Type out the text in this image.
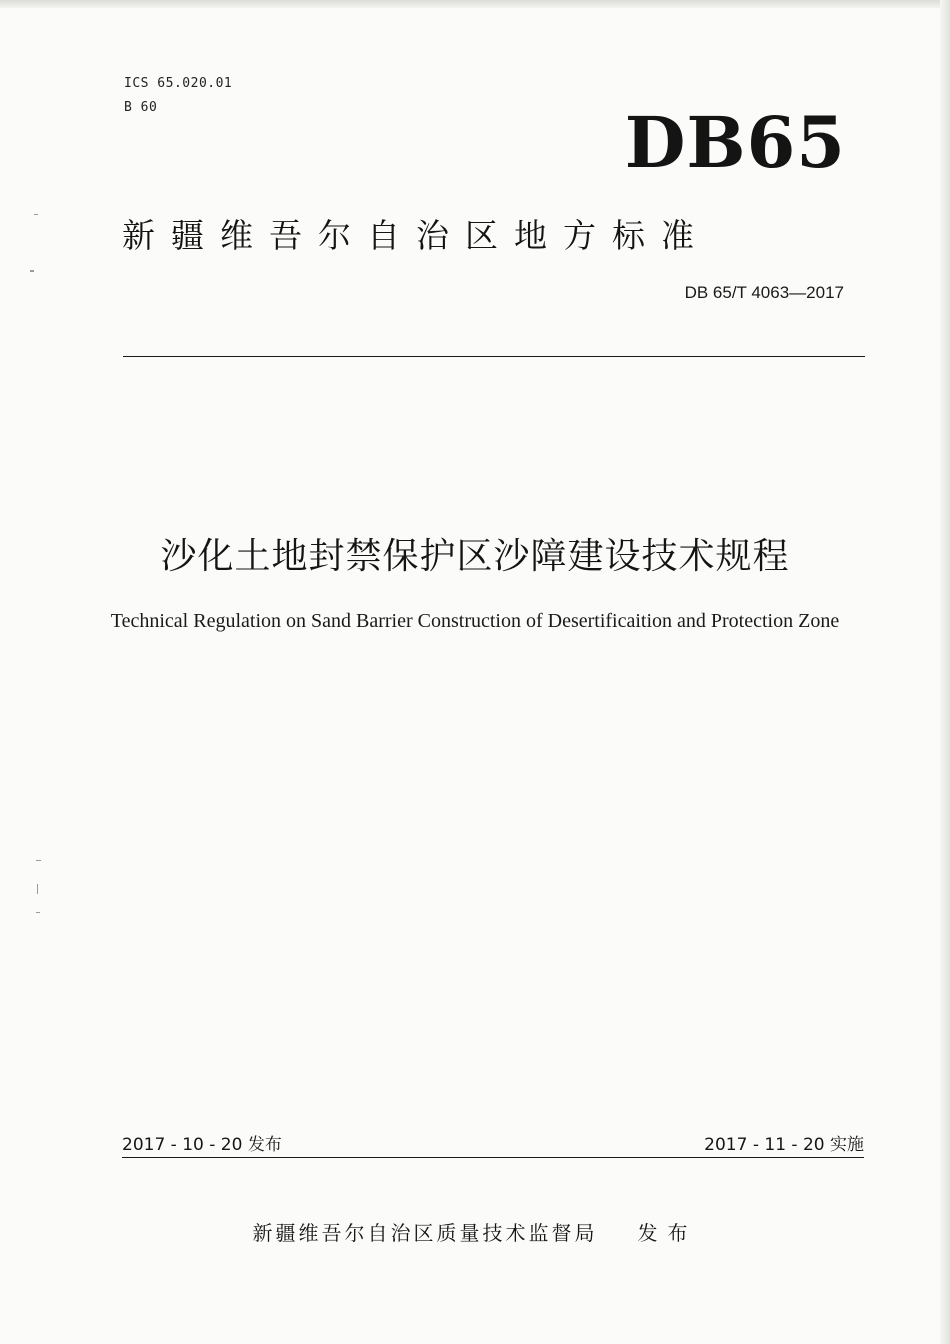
ICS 65.020.01
B 60	DB65
新疆维吾尔自治区地方标准
DB 65/T 4063—2017
沙化土地封禁保护区沙障建设技术规程
Technical Regulation on Sand Barrier Construction of Desertificaition and Protection Zone
2017 - 10 - 20 发布	2017 - 11 - 20 实施
新疆维吾尔自治区质量技术监督局 发布
